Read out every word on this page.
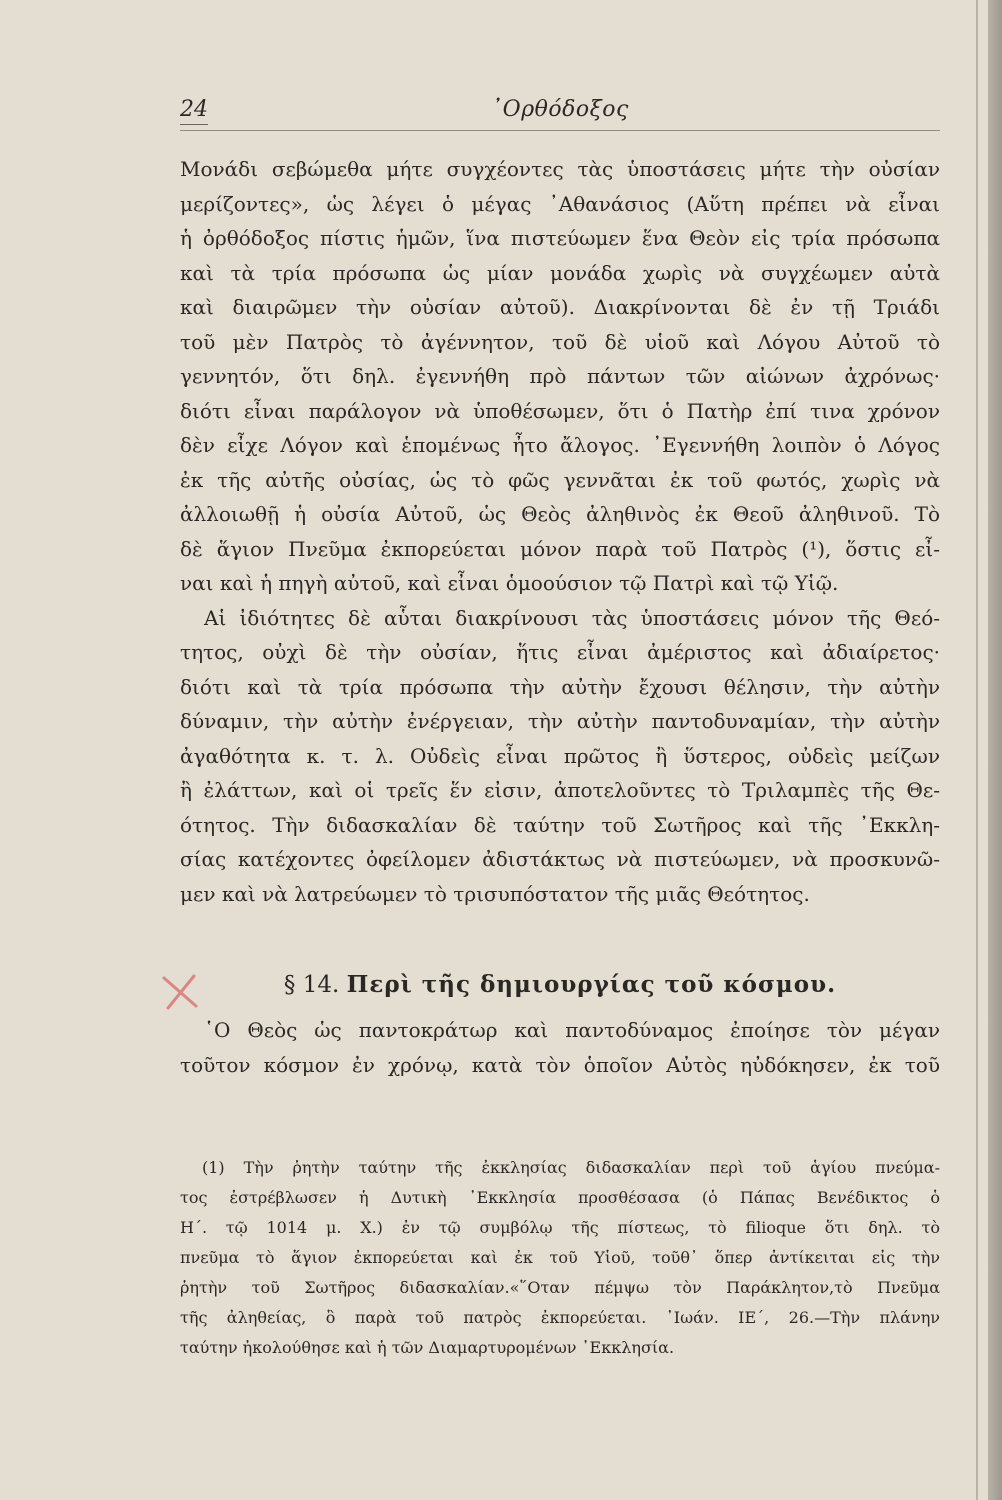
24	᾿Ορθόδοξος
Μονάδι σεβώμεθα μήτε συγχέοντες τὰς ὑποστάσεις μήτε τὴν οὐσίαν
μερίζοντες», ὡς λέγει ὁ μέγας ᾿Αθανάσιος (Αὕτη πρέπει νὰ εἶναι
ἡ ὀρθόδοξος πίστις ἡμῶν, ἵνα πιστεύωμεν ἕνα Θεὸν εἰς τρία πρόσωπα
καὶ τὰ τρία πρόσωπα ὡς μίαν μονάδα χωρὶς νὰ συγχέωμεν αὐτὰ
καὶ διαιρῶμεν τὴν οὐσίαν αὐτοῦ). Διακρίνονται δὲ ἐν τῇ Τριάδι
τοῦ μὲν Πατρὸς τὸ ἀγέννητον, τοῦ δὲ υἱοῦ καὶ Λόγου Αὐτοῦ τὸ
γεννητόν, ὅτι δηλ. ἐγεννήθη πρὸ πάντων τῶν αἰώνων ἀχρόνως·
διότι εἶναι παράλογον νὰ ὑποθέσωμεν, ὅτι ὁ Πατὴρ ἐπί τινα χρόνον
δὲν εἶχε Λόγον καὶ ἑπομένως ἦτο ἄλογος. ᾿Εγεννήθη λοιπὸν ὁ Λόγος
ἐκ τῆς αὐτῆς οὐσίας, ὡς τὸ φῶς γεννᾶται ἐκ τοῦ φωτός, χωρὶς νὰ
ἀλλοιωθῇ ἡ οὐσία Αὐτοῦ, ὡς Θεὸς ἀληθινὸς ἐκ Θεοῦ ἀληθινοῦ. Τὸ
δὲ ἅγιον Πνεῦμα ἐκπορεύεται μόνον παρὰ τοῦ Πατρὸς (¹), ὅστις εἶ-
ναι καὶ ἡ πηγὴ αὐτοῦ, καὶ εἶναι ὁμοούσιον τῷ Πατρὶ καὶ τῷ Υἱῷ.
Αἱ ἰδιότητες δὲ αὗται διακρίνουσι τὰς ὑποστάσεις μόνον τῆς Θεό-
τητος, οὐχὶ δὲ τὴν οὐσίαν, ἥτις εἶναι ἀμέριστος καὶ ἀδιαίρετος·
διότι καὶ τὰ τρία πρόσωπα τὴν αὐτὴν ἔχουσι θέλησιν, τὴν αὐτὴν
δύναμιν, τὴν αὐτὴν ἐνέργειαν, τὴν αὐτὴν παντοδυναμίαν, τὴν αὐτὴν
ἀγαθότητα κ. τ. λ. Οὐδεὶς εἶναι πρῶτος ἢ ὕστερος, οὐδεὶς μείζων
ἢ ἐλάττων, καὶ οἱ τρεῖς ἕν εἰσιν, ἀποτελοῦντες τὸ Τριλαμπὲς τῆς Θε-
ότητος. Τὴν διδασκαλίαν δὲ ταύτην τοῦ Σωτῆρος καὶ τῆς ᾿Εκκλη-
σίας κατέχοντες ὀφείλομεν ἀδιστάκτως νὰ πιστεύωμεν, νὰ προσκυνῶ-
μεν καὶ νὰ λατρεύωμεν τὸ τρισυπόστατον τῆς μιᾶς Θεότητος.
§ 14. Περὶ τῆς δημιουργίας τοῦ κόσμου.
῾Ο Θεὸς ὡς παντοκράτωρ καὶ παντοδύναμος ἐποίησε τὸν μέγαν
τοῦτον κόσμον ἐν χρόνῳ, κατὰ τὸν ὁποῖον Αὐτὸς ηὐδόκησεν, ἐκ τοῦ
(1) Τὴν ῥητὴν ταύτην τῆς ἐκκλησίας διδασκαλίαν περὶ τοῦ ἁγίου πνεύμα-
τος ἐστρέβλωσεν ἡ Δυτικὴ ᾿Εκκλησία προσθέσασα (ὁ Πάπας Βενέδικτος ὁ
Η΄. τῷ 1014 μ. Χ.) ἐν τῷ συμβόλῳ τῆς πίστεως, τὸ filioque ὅτι δηλ. τὸ
πνεῦμα τὸ ἅγιον ἐκπορεύεται καὶ ἐκ τοῦ Υἱοῦ, τοῦθ᾿ ὅπερ ἀντίκειται εἰς τὴν
ῥητὴν τοῦ Σωτῆρος διδασκαλίαν.«῞Οταν πέμψω τὸν Παράκλητον,τὸ Πνεῦμα
τῆς ἀληθείας, ὃ παρὰ τοῦ πατρὸς ἐκπορεύεται. ᾿Ιωάν. ΙΕ΄, 26.—Τὴν πλάνην
ταύτην ἠκολούθησε καὶ ἡ τῶν Διαμαρτυρομένων ᾿Εκκλησία.
